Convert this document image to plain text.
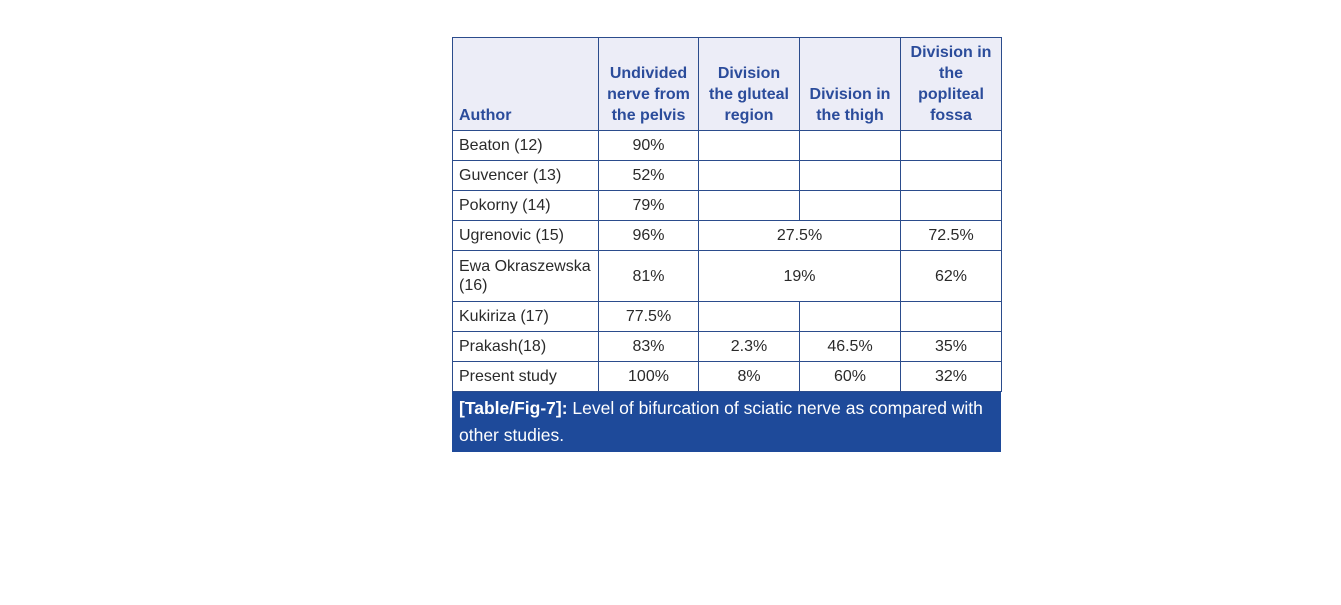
Author	Undivided nerve from the pelvis	Division the gluteal region	Division in the thigh	Division in the popliteal fossa
Beaton (12)	90%			
Guvencer (13)	52%			
Pokorny (14)	79%			
Ugrenovic (15)	96%	27.5%		72.5%
Ewa Okraszewska (16)	81%	19%		62%
Kukiriza (17)	77.5%			
Prakash(18)	83%	2.3%	46.5%	35%
Present study	100%	8%	60%	32%
[Table/Fig-7]: Level of bifurcation of sciatic nerve as compared with other studies.
